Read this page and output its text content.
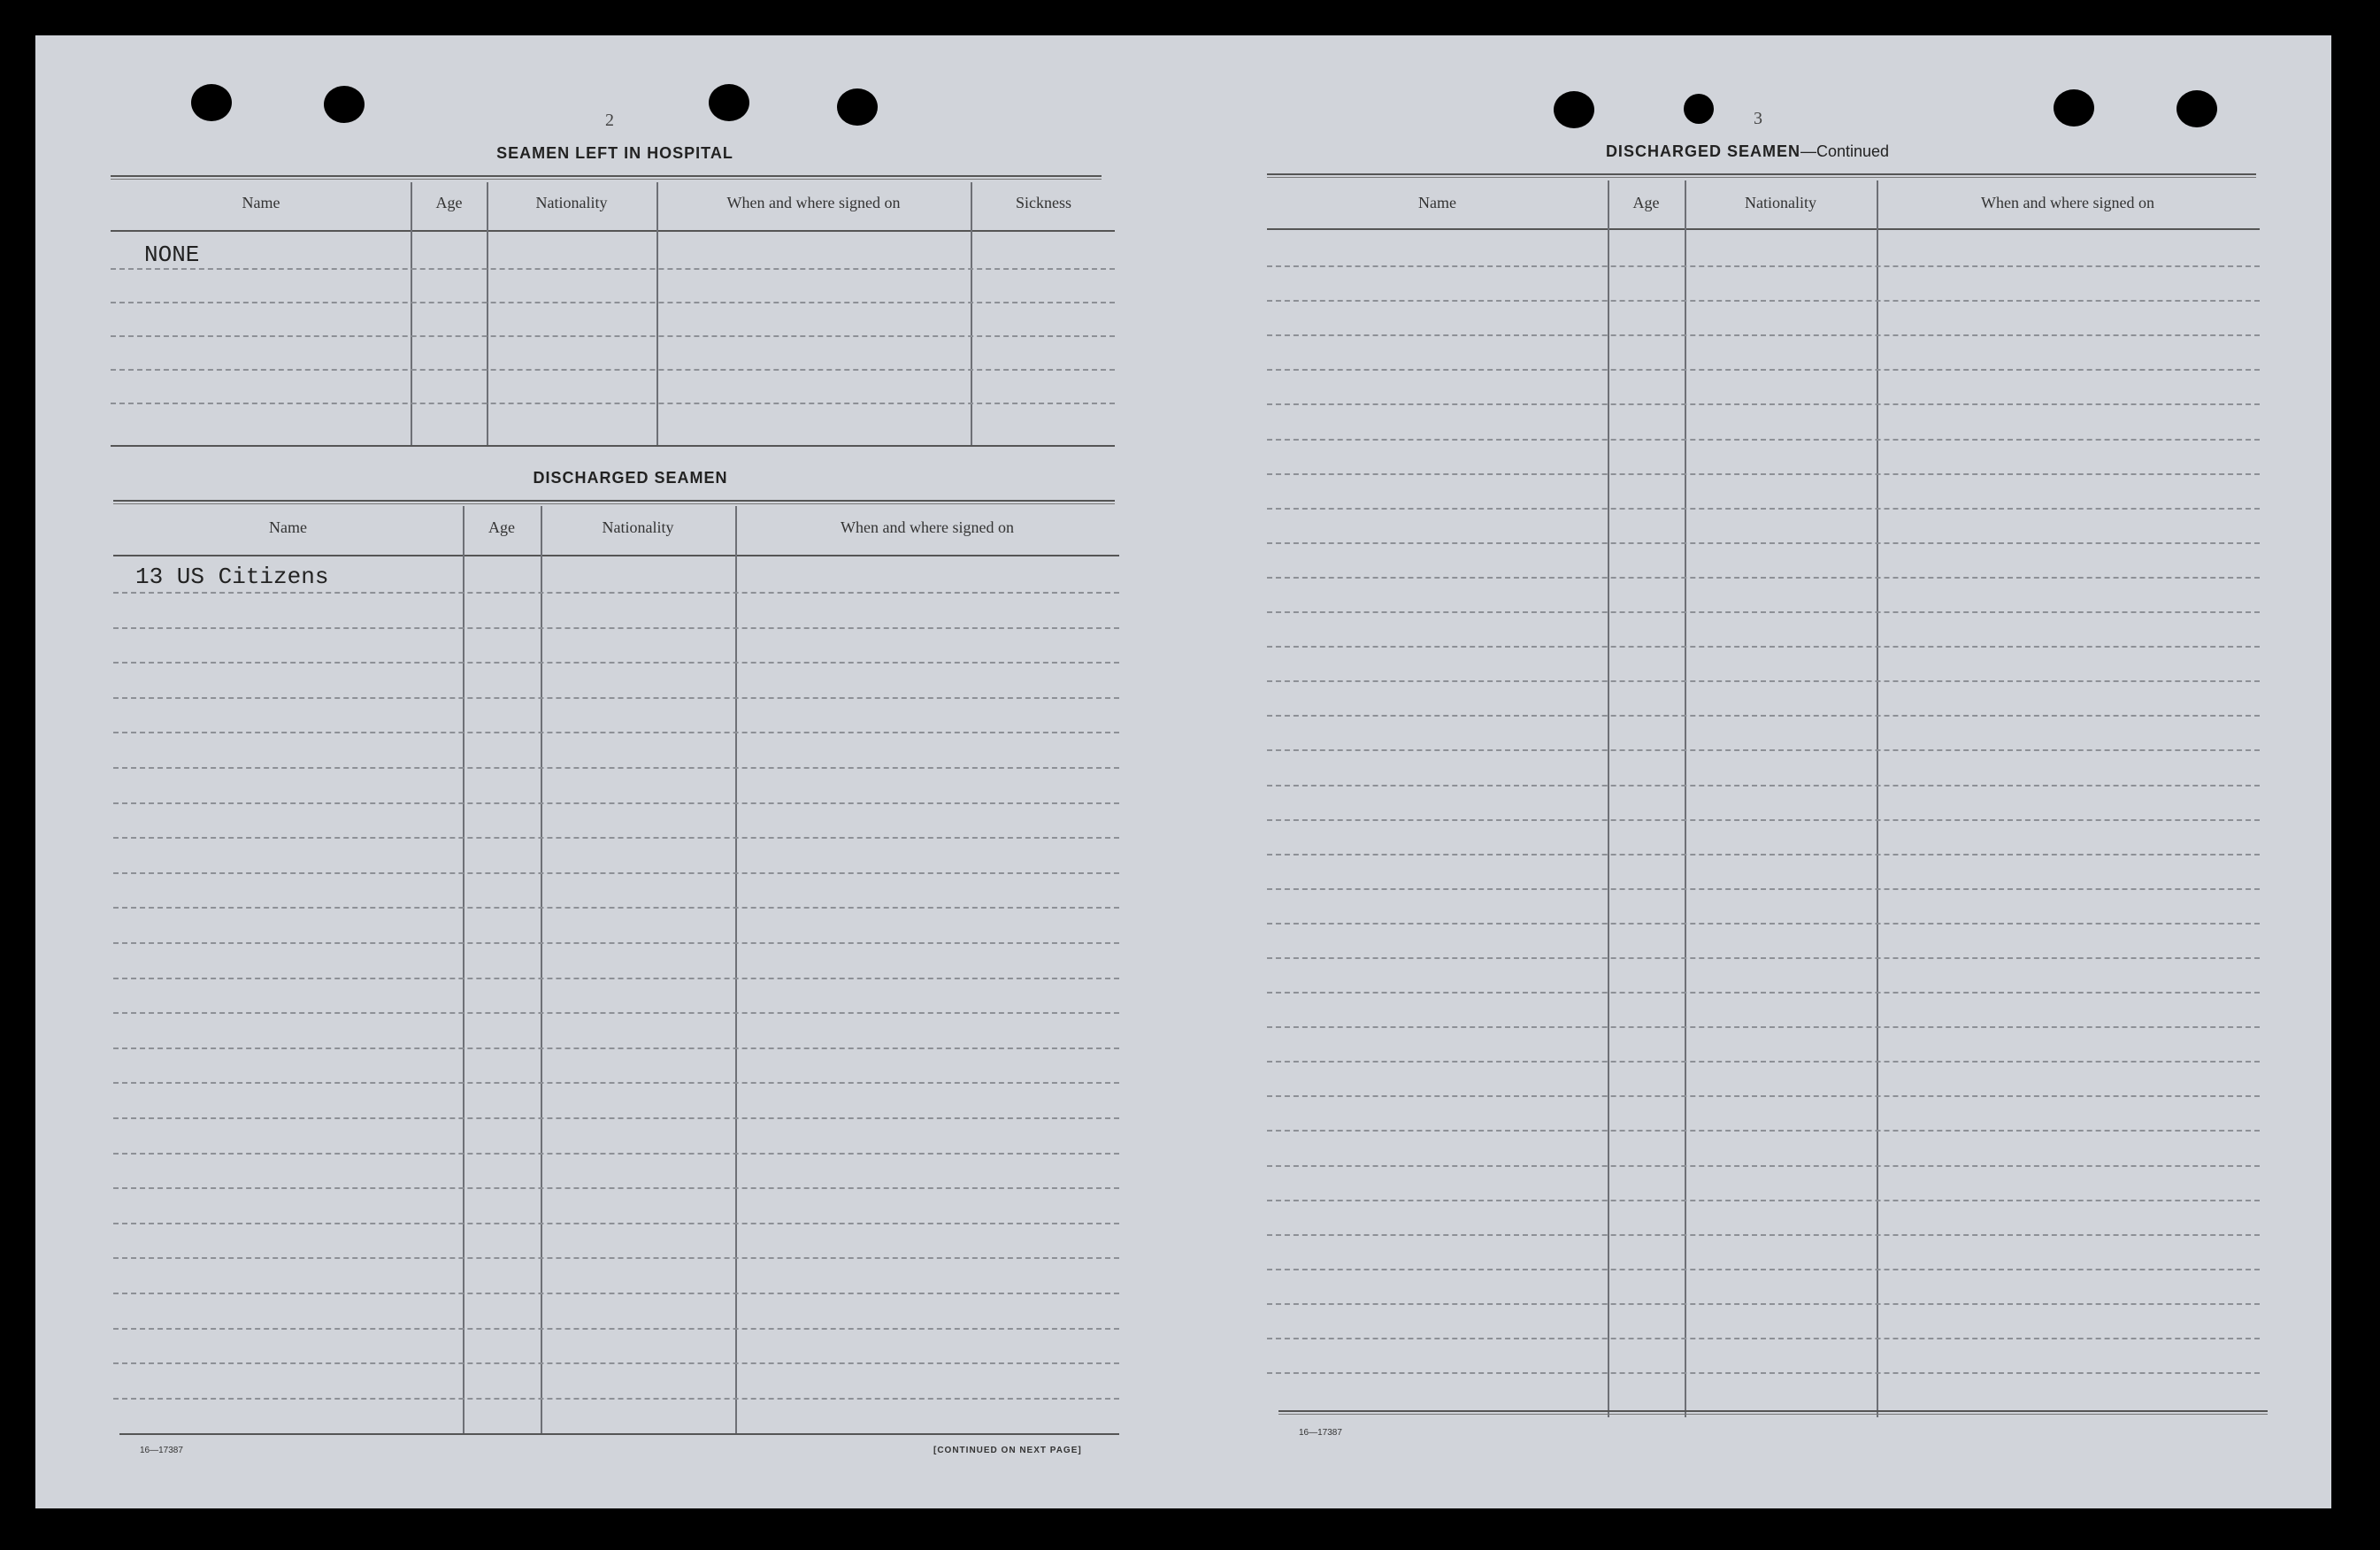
2
SEAMEN LEFT IN HOSPITAL
Name	Age	Nationality	When and where signed on	Sickness
NONE
DISCHARGED SEAMEN
Name	Age	Nationality	When and where signed on
13 US Citizens
16—17387	[CONTINUED ON NEXT PAGE]
3
DISCHARGED SEAMEN—Continued
Name	Age	Nationality	When and where signed on
16—17387
